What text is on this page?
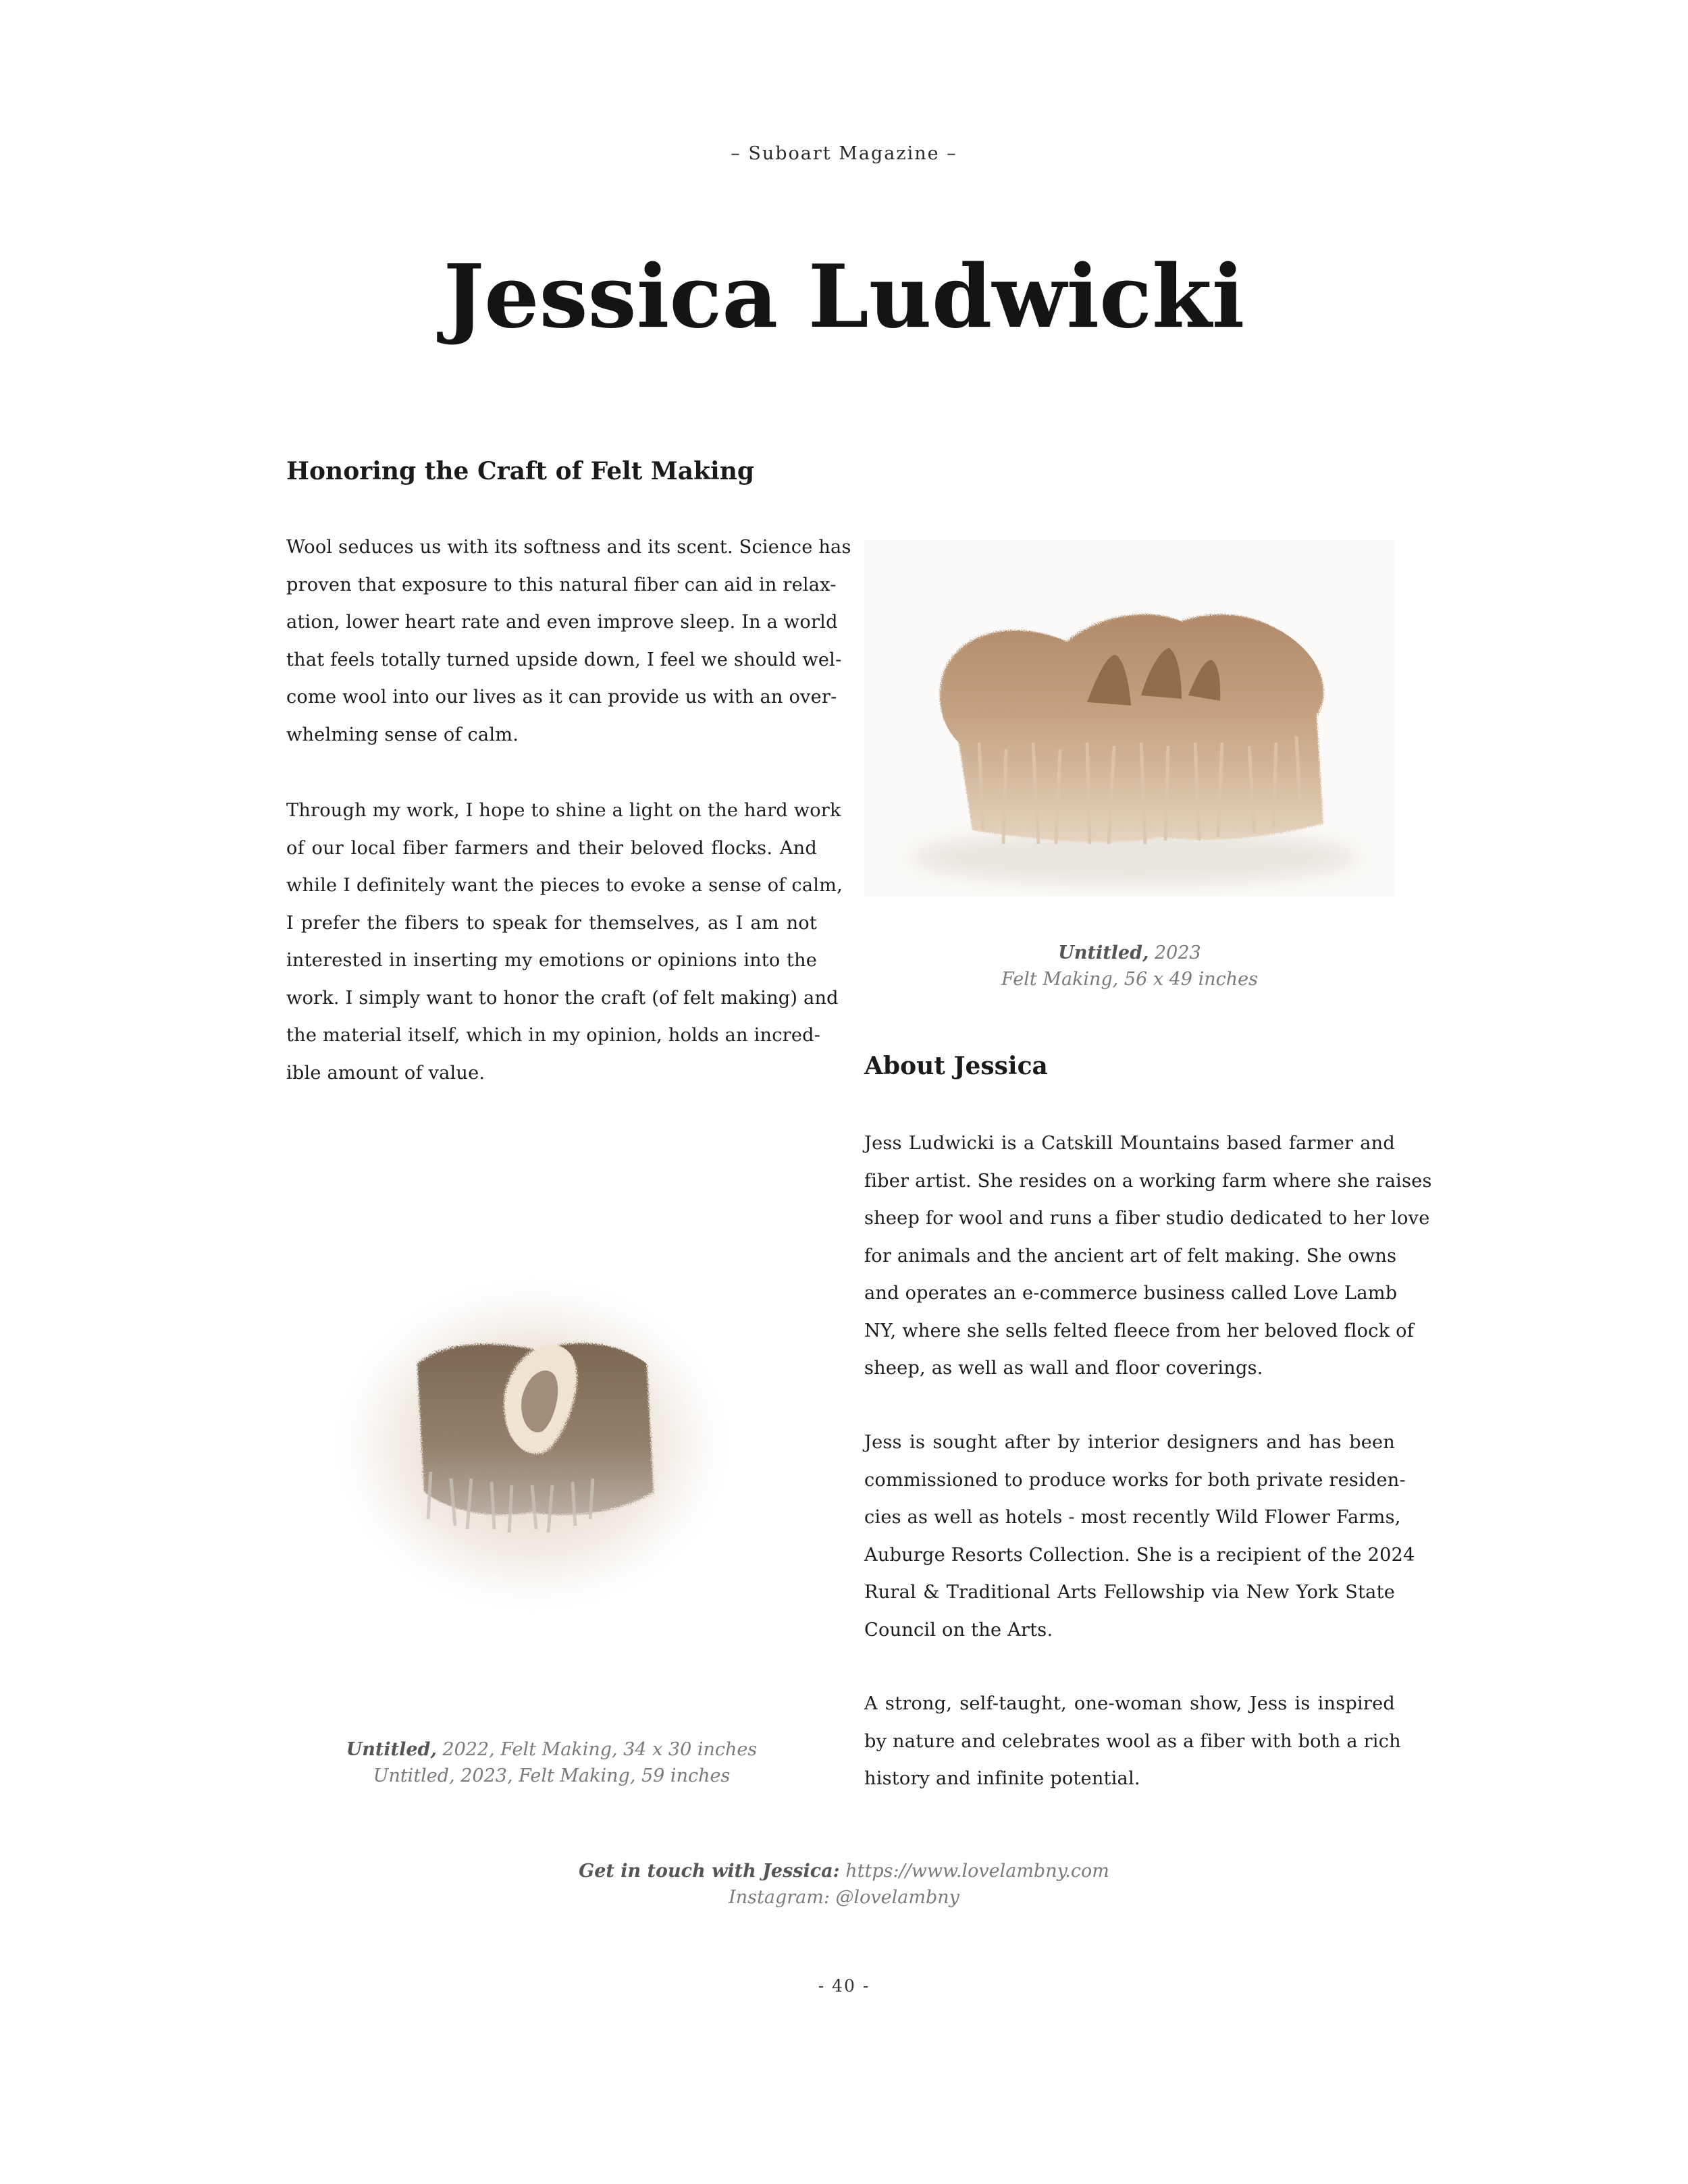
– Suboart Magazine –
Jessica Ludwicki
Honoring the Craft of Felt Making
Wool seduces us with its softness and its scent. Science has
proven that exposure to this natural fiber can aid in relax-
ation, lower heart rate and even improve sleep. In a world
that feels totally turned upside down, I feel we should wel-
come wool into our lives as it can provide us with an over-
whelming sense of calm.
Through my work, I hope to shine a light on the hard work
of our local fiber farmers and their beloved flocks. And
while I definitely want the pieces to evoke a sense of calm,
I prefer the fibers to speak for themselves, as I am not
interested in inserting my emotions or opinions into the
work. I simply want to honor the craft (of felt making) and
the material itself, which in my opinion, holds an incred-
ible amount of value.
Untitled, 2023
Felt Making, 56 x 49 inches
About Jessica
Jess Ludwicki is a Catskill Mountains based farmer and
fiber artist. She resides on a working farm where she raises
sheep for wool and runs a fiber studio dedicated to her love
for animals and the ancient art of felt making. She owns
and operates an e-commerce business called Love Lamb
NY, where she sells felted fleece from her beloved flock of
sheep, as well as wall and floor coverings.
Jess is sought after by interior designers and has been
commissioned to produce works for both private residen-
cies as well as hotels - most recently Wild Flower Farms,
Auburge Resorts Collection. She is a recipient of the 2024
Rural & Traditional Arts Fellowship via New York State
Council on the Arts.
A strong, self-taught, one-woman show, Jess is inspired
by nature and celebrates wool as a fiber with both a rich
history and infinite potential.
Untitled, 2022, Felt Making, 34 x 30 inches
Untitled, 2023, Felt Making, 59 inches
Get in touch with Jessica: https://www.lovelambny.com
Instagram: @lovelambny
- 40 -
